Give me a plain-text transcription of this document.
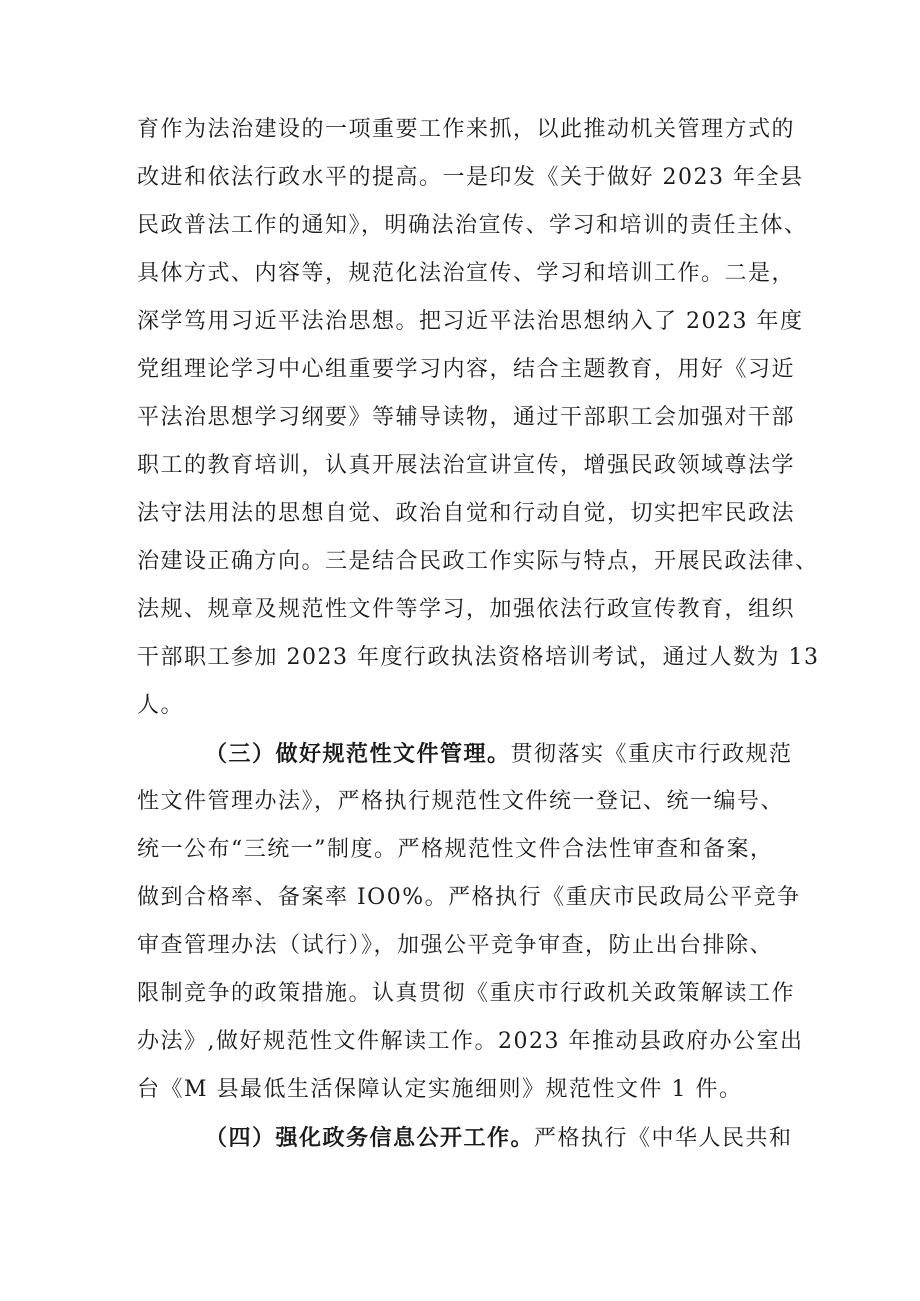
育作为法治建设的一项重要工作来抓，以此推动机关管理方式的
改进和依法行政水平的提高。一是印发《关于做好 2023 年全县
民政普法工作的通知》，明确法治宣传、学习和培训的责任主体、
具体方式、内容等，规范化法治宣传、学习和培训工作。二是，
深学笃用习近平法治思想。把习近平法治思想纳入了 2023 年度
党组理论学习中心组重要学习内容，结合主题教育，用好《习近
平法治思想学习纲要》等辅导读物，通过干部职工会加强对干部
职工的教育培训，认真开展法治宣讲宣传，增强民政领域尊法学
法守法用法的思想自觉、政治自觉和行动自觉，切实把牢民政法
治建设正确方向。三是结合民政工作实际与特点，开展民政法律、
法规、规章及规范性文件等学习，加强依法行政宣传教育，组织
干部职工参加 2023 年度行政执法资格培训考试，通过人数为 13
人。
（三）做好规范性文件管理。贯彻落实《重庆市行政规范
性文件管理办法》，严格执行规范性文件统一登记、统一编号、
统一公布“三统一”制度。严格规范性文件合法性审查和备案，
做到合格率、备案率 IO0%。严格执行《重庆市民政局公平竞争
审查管理办法（试行）》，加强公平竞争审查，防止出台排除、
限制竞争的政策措施。认真贯彻《重庆市行政机关政策解读工作
办法》,做好规范性文件解读工作。2023 年推动县政府办公室出
台《M 县最低生活保障认定实施细则》规范性文件 1 件。
（四）强化政务信息公开工作。严格执行《中华人民共和
